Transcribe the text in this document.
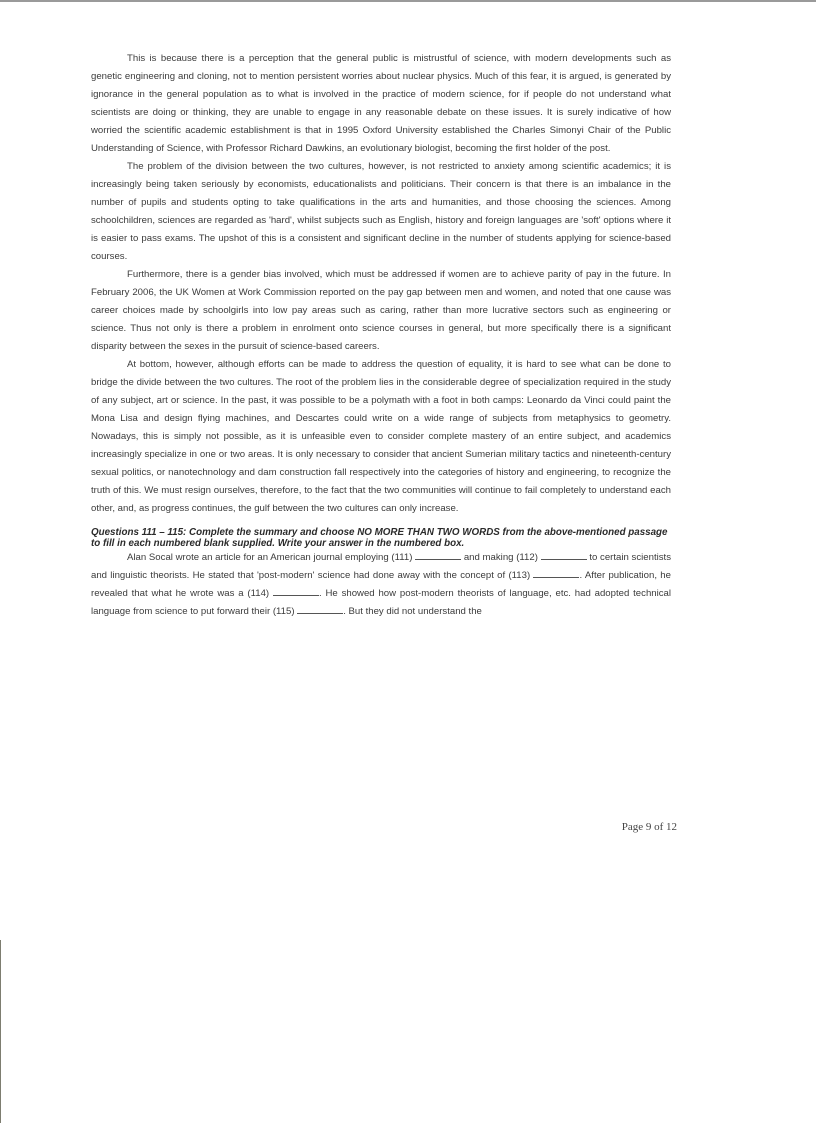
This is because there is a perception that the general public is mistrustful of science, with modern developments such as genetic engineering and cloning, not to mention persistent worries about nuclear physics. Much of this fear, it is argued, is generated by ignorance in the general population as to what is involved in the practice of modern science, for if people do not understand what scientists are doing or thinking, they are unable to engage in any reasonable debate on these issues. It is surely indicative of how worried the scientific academic establishment is that in 1995 Oxford University established the Charles Simonyi Chair of the Public Understanding of Science, with Professor Richard Dawkins, an evolutionary biologist, becoming the first holder of the post.

The problem of the division between the two cultures, however, is not restricted to anxiety among scientific academics; it is increasingly being taken seriously by economists, educationalists and politicians. Their concern is that there is an imbalance in the number of pupils and students opting to take qualifications in the arts and humanities, and those choosing the sciences. Among schoolchildren, sciences are regarded as 'hard', whilst subjects such as English, history and foreign languages are 'soft' options where it is easier to pass exams. The upshot of this is a consistent and significant decline in the number of students applying for science-based courses.

Furthermore, there is a gender bias involved, which must be addressed if women are to achieve parity of pay in the future. In February 2006, the UK Women at Work Commission reported on the pay gap between men and women, and noted that one cause was career choices made by schoolgirls into low pay areas such as caring, rather than more lucrative sectors such as engineering or science. Thus not only is there a problem in enrolment onto science courses in general, but more specifically there is a significant disparity between the sexes in the pursuit of science-based careers.

At bottom, however, although efforts can be made to address the question of equality, it is hard to see what can be done to bridge the divide between the two cultures. The root of the problem lies in the considerable degree of specialization required in the study of any subject, art or science. In the past, it was possible to be a polymath with a foot in both camps: Leonardo da Vinci could paint the Mona Lisa and design flying machines, and Descartes could write on a wide range of subjects from metaphysics to geometry. Nowadays, this is simply not possible, as it is unfeasible even to consider complete mastery of an entire subject, and academics increasingly specialize in one or two areas. It is only necessary to consider that ancient Sumerian military tactics and nineteenth-century sexual politics, or nanotechnology and dam construction fall respectively into the categories of history and engineering, to recognize the truth of this. We must resign ourselves, therefore, to the fact that the two communities will continue to fail completely to understand each other, and, as progress continues, the gulf between the two cultures can only increase.

Questions 111 – 115: Complete the summary and choose NO MORE THAN TWO WORDS from the above-mentioned passage to fill in each numbered blank supplied. Write your answer in the numbered box.

Alan Socal wrote an article for an American journal employing (111)	and making (112)	to certain scientists and linguistic theorists. He stated that 'post-modern' science had done away with the concept of (113)	. After publication, he revealed that what he wrote was a (114)	. He showed how post-modern theorists of language, etc. had adopted technical language from science to put forward their (115)	. But they did not understand the

Page 9 of 12
